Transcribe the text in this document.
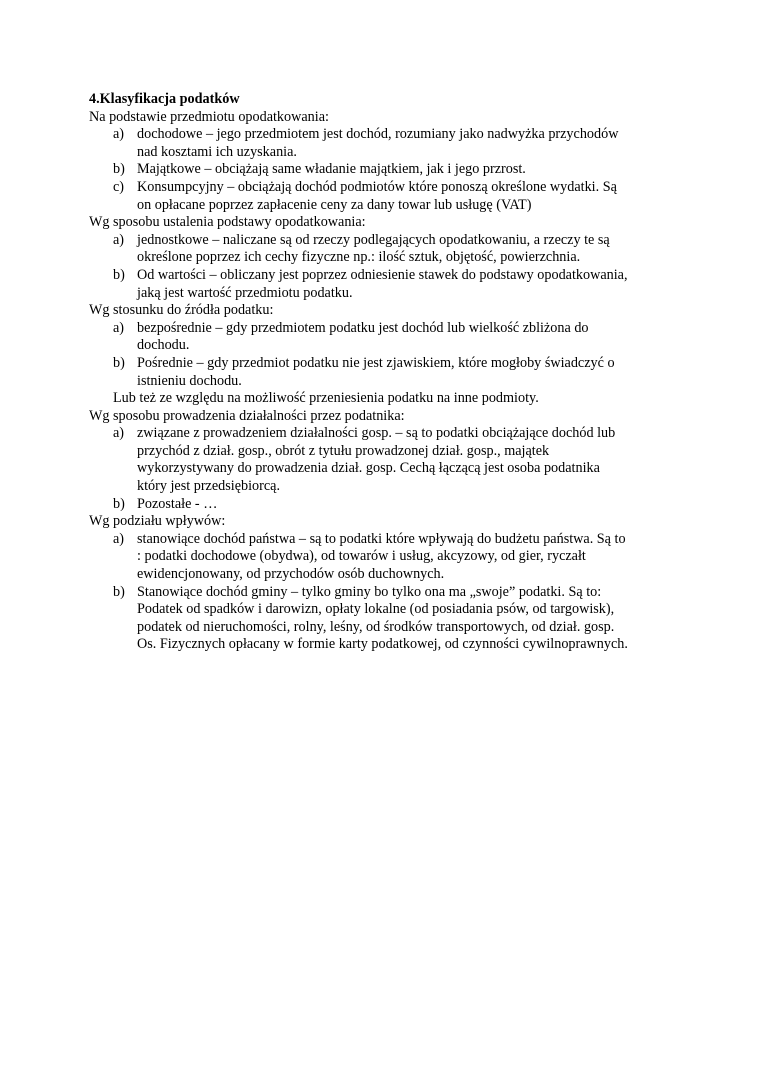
4.Klasyfikacja podatków
Na podstawie przedmiotu opodatkowania:
a) dochodowe – jego przedmiotem jest dochód, rozumiany jako nadwyżka przychodów
nad kosztami ich uzyskania.
b) Majątkowe – obciążają same władanie majątkiem, jak i jego przrost.
c) Konsumpcyjny – obciążają dochód podmiotów które ponoszą określone wydatki. Są
on opłacane poprzez zapłacenie ceny za dany towar lub usługę (VAT)
Wg sposobu ustalenia podstawy opodatkowania:
a) jednostkowe – naliczane są od rzeczy podlegających opodatkowaniu, a rzeczy te są
określone poprzez ich cechy fizyczne np.: ilość sztuk, objętość, powierzchnia.
b) Od wartości – obliczany jest poprzez odniesienie stawek do podstawy opodatkowania,
jaką jest wartość przedmiotu podatku.
Wg stosunku do źródła podatku:
a) bezpośrednie – gdy przedmiotem podatku jest dochód lub wielkość zbliżona do
dochodu.
b) Pośrednie – gdy przedmiot podatku nie jest zjawiskiem, które mogłoby świadczyć o
istnieniu dochodu.
Lub też ze względu na możliwość przeniesienia podatku na inne podmioty.
Wg sposobu prowadzenia działalności przez podatnika:
a) związane z prowadzeniem działalności gosp. – są to podatki obciążające dochód lub
przychód z dział. gosp., obrót z tytułu prowadzonej dział. gosp., majątek
wykorzystywany do prowadzenia dział. gosp. Cechą łączącą jest osoba podatnika
który jest przedsiębiorcą.
b) Pozostałe - …
Wg podziału wpływów:
a) stanowiące dochód państwa – są to podatki które wpływają do budżetu państwa. Są to
: podatki dochodowe (obydwa), od towarów i usług, akcyzowy, od gier, ryczałt
ewidencjonowany, od przychodów osób duchownych.
b) Stanowiące dochód gminy – tylko gminy bo tylko ona ma „swoje” podatki. Są to:
Podatek od spadków i darowizn, opłaty lokalne (od posiadania psów, od targowisk),
podatek od nieruchomości, rolny, leśny, od środków transportowych, od dział. gosp.
Os. Fizycznych opłacany w formie karty podatkowej, od czynności cywilnoprawnych.
